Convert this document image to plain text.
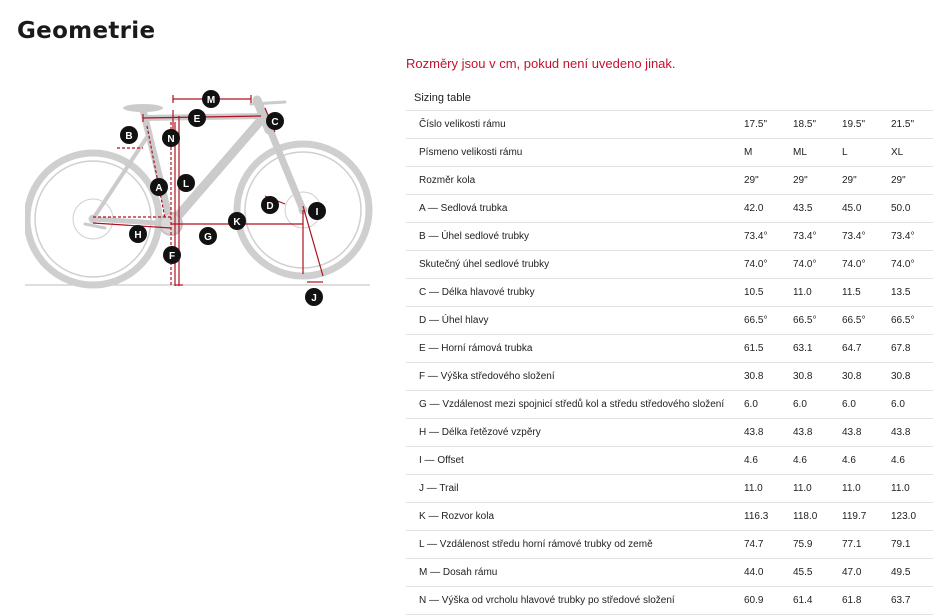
Geometrie
Rozměry jsou v cm, pokud není uvedeno jinak.
M
B	N
E	C
A L
D
I
K
H	G
F
J
Sizing table
Číslo velikosti rámu	17.5"	18.5"	19.5"	21.5"
Písmeno velikosti rámu	M	ML	L	XL
Rozměr kola	29"	29"	29"	29"
A — Sedlová trubka	42.0	43.5	45.0	50.0
B — Úhel sedlové trubky	73.4°	73.4°	73.4°	73.4°
Skutečný úhel sedlové trubky	74.0°	74.0°	74.0°	74.0°
C — Délka hlavové trubky	10.5	11.0	11.5	13.5
D — Úhel hlavy	66.5°	66.5°	66.5°	66.5°
E — Horní rámová trubka	61.5	63.1	64.7	67.8
F — Výška středového složení	30.8	30.8	30.8	30.8
G — Vzdálenost mezi spojnicí středů kol a středu středového složení	6.0	6.0	6.0	6.0
H — Délka řetězové vzpěry	43.8	43.8	43.8	43.8
I — Offset	4.6	4.6	4.6	4.6
J — Trail	11.0	11.0	11.0	11.0
K — Rozvor kola	116.3	118.0	119.7	123.0
L — Vzdálenost středu horní rámové trubky od země	74.7	75.9	77.1	79.1
M — Dosah rámu	44.0	45.5	47.0	49.5
N — Výška od vrcholu hlavové trubky po středové složení	60.9	61.4	61.8	63.7
